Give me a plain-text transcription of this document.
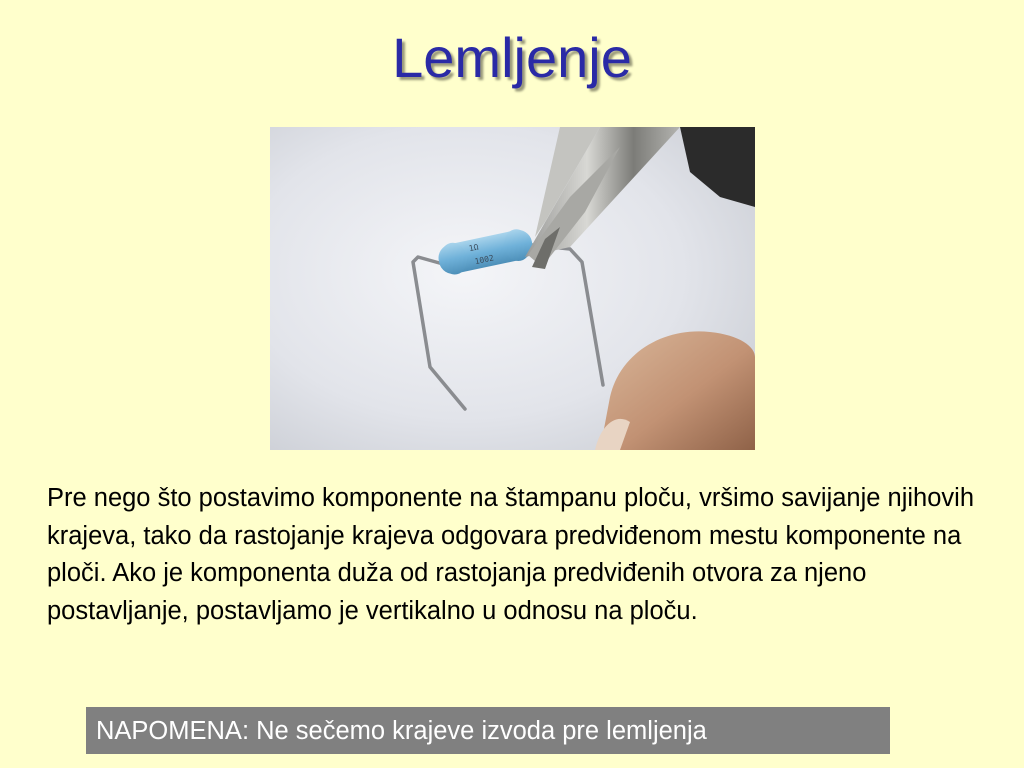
Lemljenje
1Ω
1002
Pre nego što postavimo komponente na štampanu ploču, vršimo savijanje njihovih krajeva, tako da rastojanje krajeva odgovara predviđenom mestu komponente na ploči. Ako je komponenta duža od rastojanja predviđenih otvora za njeno postavljanje, postavljamo je vertikalno u odnosu na ploču.
NAPOMENA: Ne sečemo krajeve izvoda pre lemljenja
